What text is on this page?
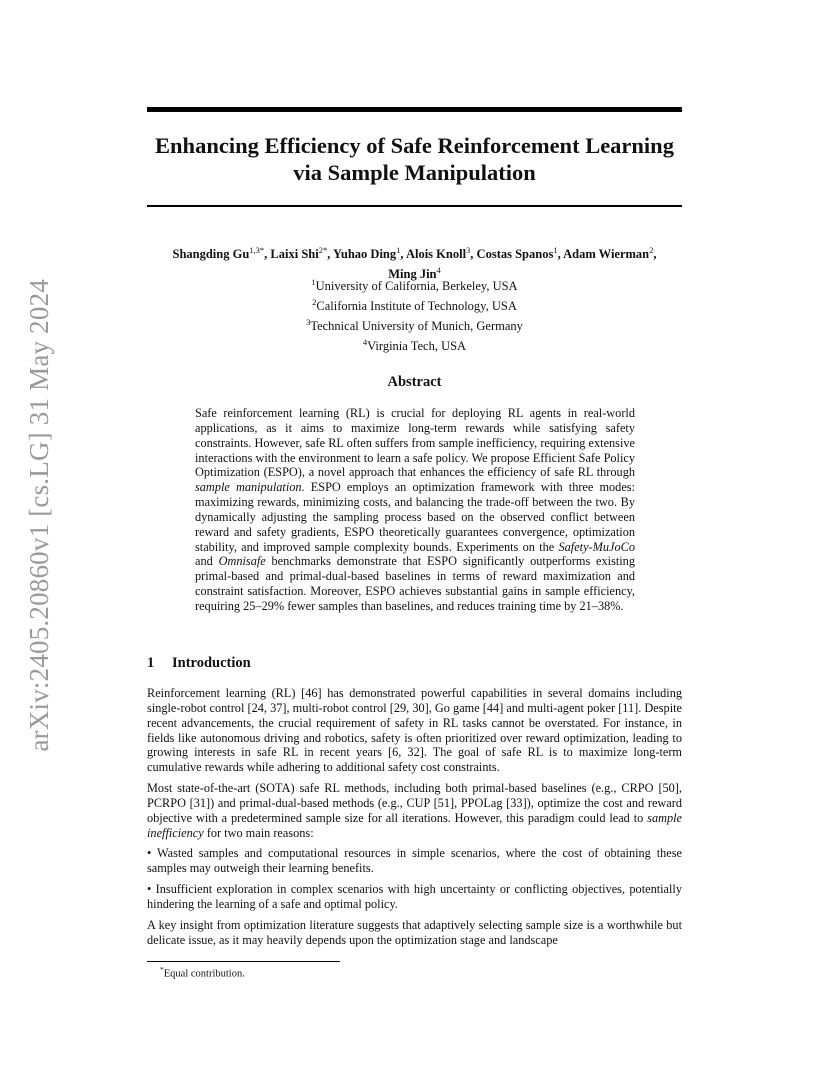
arXiv:2405.20860v1 [cs.LG] 31 May 2024
Enhancing Efficiency of Safe Reinforcement Learning
via Sample Manipulation
Shangding $Gu^{1,3*}$, Laixi Shi$^{2*}$, Yuhao Ding$^1$, Alois Knoll$^3$, Costas Spanos$^1$, Adam Wierman$^2$,
Ming Jin$^4$
$^1$University of California, Berkeley, USA
$^2$California Institute of Technology, USA
$^3$Technical University of Munich, Germany
$^4$Virginia Tech, USA
Abstract
Safe reinforcement learning (RL) is crucial for deploying RL agents in real-world applications, as it aims to maximize long-term rewards while satisfying safety constraints. However, safe RL often suffers from sample inefficiency, requiring extensive interactions with the environment to learn a safe policy. We propose Efficient Safe Policy Optimization (ESPO), a novel approach that enhances the efficiency of safe RL through sample manipulation. ESPO employs an optimization framework with three modes: maximizing rewards, minimizing costs, and balancing the trade-off between the two. By dynamically adjusting the sampling process based on the observed conflict between reward and safety gradients, ESPO theoretically guarantees convergence, optimization stability, and improved sample complexity bounds. Experiments on the Safety-MuJoCo and Omnisafe benchmarks demonstrate that ESPO significantly outperforms existing primal-based and primal-dual-based baselines in terms of reward maximization and constraint satisfaction. Moreover, ESPO achieves substantial gains in sample efficiency, requiring 25–29% fewer samples than baselines, and reduces training time by 21–38%.
1 Introduction

Reinforcement learning (RL) [46] has demonstrated powerful capabilities in several domains including single-robot control [24, 37], multi-robot control [29, 30], Go game [44] and multi-agent poker [11]. Despite recent advancements, the crucial requirement of safety in RL tasks cannot be overstated. For instance, in fields like autonomous driving and robotics, safety is often prioritized over reward optimization, leading to growing interests in safe RL in recent years [6, 32]. The goal of safe RL is to maximize long-term cumulative rewards while adhering to additional safety cost constraints.

Most state-of-the-art (SOTA) safe RL methods, including both primal-based baselines (e.g., CRPO [50], PCRPO [31]) and primal-dual-based methods (e.g., CUP [51], PPOLag [33]), optimize the cost and reward objective with a predetermined sample size for all iterations. However, this paradigm could lead to sample inefficiency for two main reasons:

• Wasted samples and computational resources in simple scenarios, where the cost of obtaining these samples may outweigh their learning benefits.

• Insufficient exploration in complex scenarios with high uncertainty or conflicting objectives, potentially hindering the learning of a safe and optimal policy.

A key insight from optimization literature suggests that adaptively selecting sample size is a worthwhile but delicate issue, as it may heavily depends upon the optimization stage and landscape

*Equal contribution.
